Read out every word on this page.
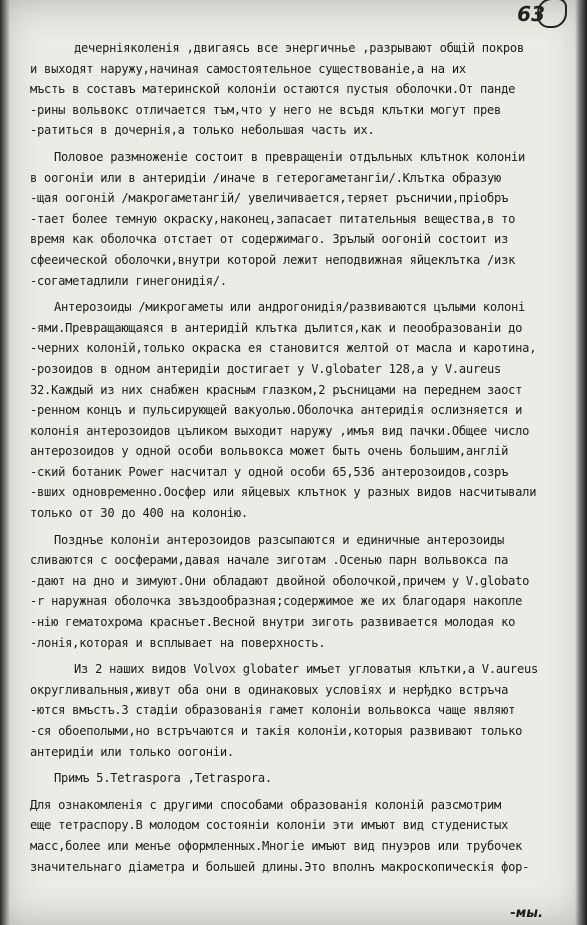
63
дечерніяколенія ,двигаясь все энергичнье ,разрывают общій покров
и выходят наружу,начиная самостоятельное существованіе,а на их
мъсть в составъ материнской колоніи остаются пустыя оболочки.От панде
-рины вольвокс отличается тъм,что у него не всъдя клътки могут прев
-ратиться в дочернія,а только небольшая часть их.
Половое размноженіе состоит в превращеніи отдъльных клътнок колоніи
в оогоніи или в антеридіи /иначе в гетерогаметангіи/.Клътка образую
-щая оогоній /макрогаметангій/ увеличивается,теряет ръсничии,пріобръ
-тает более темную окраску,наконец,запасает питательныя вещества,в то
время как оболочка отстает от содержимаго. Зрълый оогоній состоит из
сфееической оболочки,внутри которой лежит неподвижная яйцеклътка /изк
-согаметадлили гинегонидія/.
Антерозоиды /микрогаметы или андрогонидія/развиваются цълыми колоні
-ями.Превращающаяся в антеридій клътка дълится,как и пеообразованіи до
-черних колоній,только окраска ея становится желтой от масла и каротина,
-розоидов в одном антеридіи достигает у V.globater 128,а у V.aureus
32.Каждый из них снабжен красным глазком,2 ръсницами на переднем заост
-ренном концъ и пульсирующей вакуолью.Оболочка антеридія ослизняется и
колонія антерозоидов цъликом выходит наружу ,имъя вид пачки.Общее число
антерозоидов у одной особи вольвокса может быть очень большим,англій
-ский ботаник Power насчитал у одной особи 65,536 антерозоидов,созръ
-вших одновременно.Ооcфер или яйцевых клътнок у разных видов насчитывали
только от 30 до 400 на колонію.
Позднъе колоніи антерозоидов разсыпаются и единичные антерозоиды
сливаются с оосферами,давая начале зиготам .Осенью парн вольвокса па
-дают на дно и зимуют.Они обладают двойной оболочкой,причем у V.globato
-r наружная оболочка звъздообразная;содержимое же их благодаря накопле
-нію гематохрома краснъет.Весной внутри зиготь развивается молодая ко
-лонія,которая и всплывает на поверхность.
Из 2 наших видов Volvox globater имъет угловатыя клътки,а V.aureus
округливальныя,живут оба они в одинаковых условіях и нерђдко встръча
-ются вмъстъ.3 стадіи образованія гамет колоніи вольвокса чаще являют
-ся обоеполыми,но встръчаются и такія колоніи,которыя развивают только
антеридіи или только оогоніи.
Примъ 5.Tetraspora ,Tetraspora.
Для ознакомленія с другими способами образованія колоній разсмотрим
еще тетраспору.В молодом состояніи колоніи эти имъют вид студенистых
масс,более или менъе оформленных.Многіе имъют вид пнуэров или трубочек
значительнаго діаметра и большей длины.Это вполнъ макроскопическія фор-
-мы.
